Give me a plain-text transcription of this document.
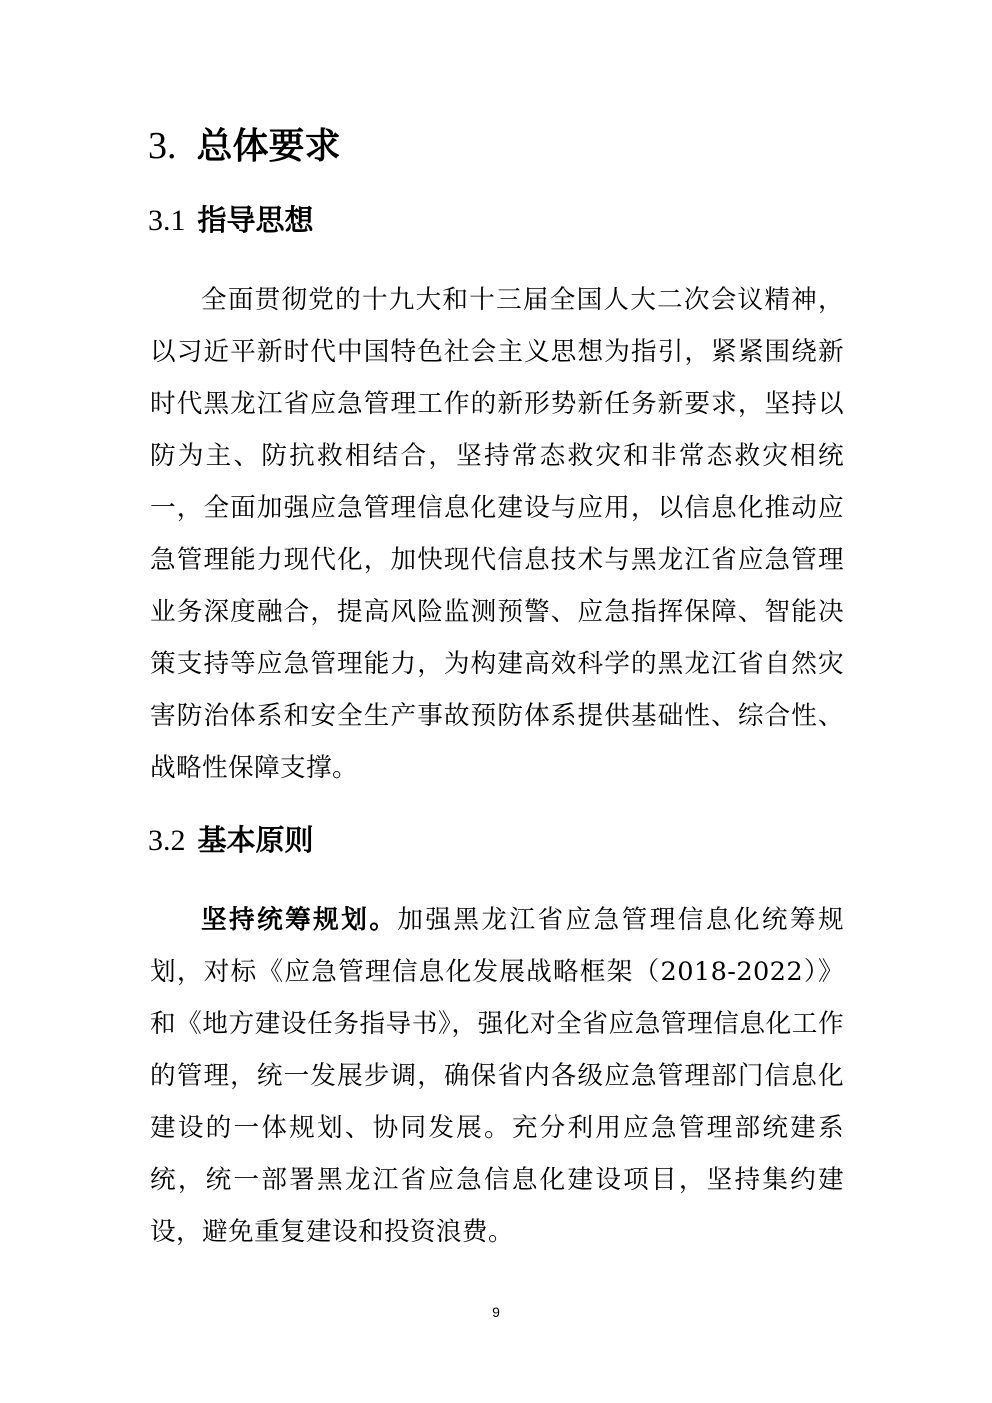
3. 总体要求
3.1 指导思想

全面贯彻党的十九大和十三届全国人大二次会议精神，以习近平新时代中国特色社会主义思想为指引，紧紧围绕新时代黑龙江省应急管理工作的新形势新任务新要求，坚持以防为主、防抗救相结合，坚持常态救灾和非常态救灾相统一，全面加强应急管理信息化建设与应用，以信息化推动应急管理能力现代化，加快现代信息技术与黑龙江省应急管理业务深度融合，提高风险监测预警、应急指挥保障、智能决策支持等应急管理能力，为构建高效科学的黑龙江省自然灾害防治体系和安全生产事故预防体系提供基础性、综合性、战略性保障支撑。

3.2 基本原则

坚持统筹规划。加强黑龙江省应急管理信息化统筹规划，对标《应急管理信息化发展战略框架（2018-2022）》和《地方建设任务指导书》，强化对全省应急管理信息化工作的管理，统一发展步调，确保省内各级应急管理部门信息化建设的一体规划、协同发展。充分利用应急管理部统建系统，统一部署黑龙江省应急信息化建设项目，坚持集约建设，避免重复建设和投资浪费。

9
